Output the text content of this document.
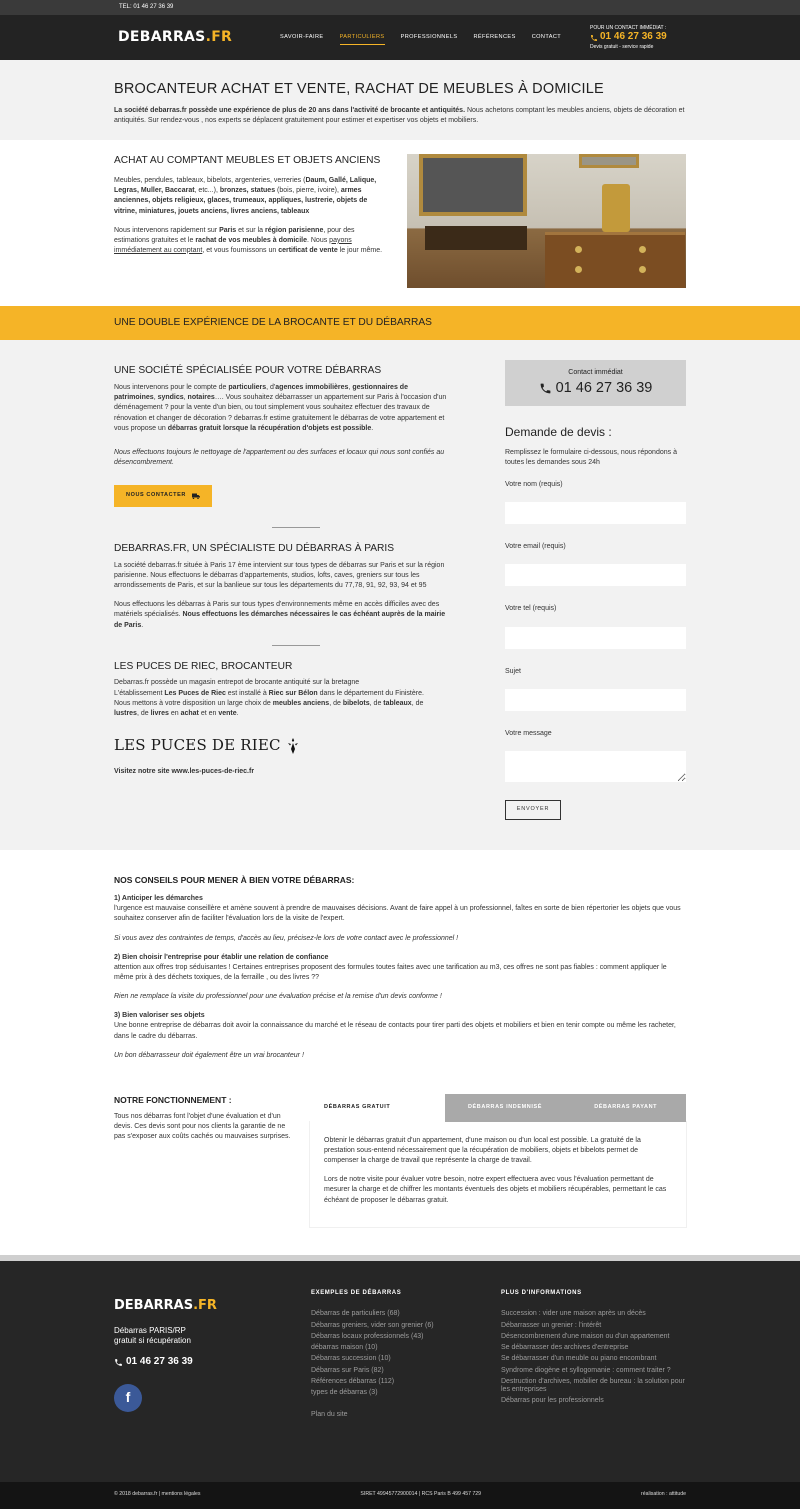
TEL: 01 46 27 36 39
DEBARRAS.FR	SAVOIR-FAIRE	PARTICULIERS	PROFESSIONNELS	RÉFÉRENCES	CONTACT
POUR UN CONTACT IMMÉDIAT :
01 46 27 36 39
Devis gratuit - service rapide
BROCANTEUR ACHAT ET VENTE, RACHAT DE MEUBLES À DOMICILE

La société debarras.fr possède une expérience de plus de 20 ans dans l'activité de brocante et antiquités. Nous achetons comptant les meubles anciens, objets de décoration et antiquités. Sur rendez-vous , nos experts se déplacent gratuitement pour estimer et expertiser vos objets et mobiliers.

ACHAT AU COMPTANT MEUBLES ET OBJETS ANCIENS

Meubles, pendules, tableaux, bibelots, argenteries, verreries (Daum, Gallé, Lalique, Legras, Muller, Baccarat, etc...), bronzes, statues (bois, pierre, ivoire), armes anciennes, objets religieux, glaces, trumeaux, appliques, lustrerie, objets de vitrine, miniatures, jouets anciens, livres anciens, tableaux

Nous intervenons rapidement sur Paris et sur la région parisienne, pour des estimations gratuites et le rachat de vos meubles à domicile. Nous payons immédiatement au comptant, et vous fournissons un certificat de vente le jour même.

UNE DOUBLE EXPÉRIENCE DE LA BROCANTE ET DU DÉBARRAS
UNE SOCIÉTÉ SPÉCIALISÉE POUR VOTRE DÉBARRAS

Nous intervenons pour le compte de particuliers, d'agences immobilières, gestionnaires de patrimoines, syndics, notaires…. Vous souhaitez débarrasser un appartement sur Paris à l'occasion d'un déménagement ? pour la vente d'un bien, ou tout simplement vous souhaitez effectuer des travaux de rénovation et changer de décoration ? debarras.fr estime gratuitement le débarras de votre appartement et vous propose un débarras gratuit lorsque la récupération d'objets est possible.

Nous effectuons toujours le nettoyage de l'appartement ou des surfaces et locaux qui nous sont confiés au désencombrement.

NOUS CONTACTER
DEBARRAS.FR, UN SPÉCIALISTE DU DÉBARRAS À PARIS

La société debarras.fr située à Paris 17 ème intervient sur tous types de débarras sur Paris et sur la région parisienne. Nous effectuons le débarras d'appartements, studios, lofts, caves, greniers sur tous les arrondissements de Paris, et sur la banlieue sur tous les départements du 77,78, 91, 92, 93, 94 et 95

Nous effectuons les débarras à Paris sur tous types d'environnements même en accès difficiles avec des matériels spécialisés. Nous effectuons les démarches nécessaires le cas échéant auprès de la mairie de Paris.

LES PUCES DE RIEC, BROCANTEUR

Debarras.fr possède un magasin entrepot de brocante antiquité sur la bretagne
L'établissement Les Puces de Riec est installé à Riec sur Bélon dans le département du Finistère.
Nous mettons à votre disposition un large choix de meubles anciens, de bibelots, de tableaux, de lustres, de livres en achat et en vente.

LES PUCES DE RIEC

Visitez notre site www.les-puces-de-riec.fr

Contact immédiat
01 46 27 36 39
Demande de devis :
Remplissez le formulaire ci-dessous, nous répondons à toutes les demandes sous 24h
Votre nom (requis)
Votre email (requis)
Votre tel (requis)
Sujet
Votre message
ENVOYER
NOS CONSEILS POUR MENER À BIEN VOTRE DÉBARRAS:

1) Anticiper les démarches
l'urgence est mauvaise conseillère et amène souvent à prendre de mauvaises décisions. Avant de faire appel à un professionnel, faîtes en sorte de bien répertorier les objets que vous souhaitez conserver afin de faciliter l'évaluation lors de la visite de l'expert.

Si vous avez des contraintes de temps, d'accès au lieu, précisez-le lors de votre contact avec le professionnel !

2) Bien choisir l'entreprise pour établir une relation de confiance
attention aux offres trop séduisantes ! Certaines entreprises proposent des formules toutes faites avec une tarification au m3, ces offres ne sont pas fiables : comment appliquer le même prix à des déchets toxiques, de la ferraille , ou des livres ??

Rien ne remplace la visite du professionnel pour une évaluation précise et la remise d'un devis conforme !

3) Bien valoriser ses objets
Une bonne entreprise de débarras doit avoir la connaissance du marché et le réseau de contacts pour tirer parti des objets et mobiliers et bien en tenir compte ou même les racheter, dans le cadre du débarras.

Un bon débarrasseur doit également être un vrai brocanteur !

NOTRE FONCTIONNEMENT :

Tous nos débarras font l'objet d'une évaluation et d'un devis. Ces devis sont pour nos clients la garantie de ne pas s'exposer aux coûts cachés ou mauvaises surprises.

DÉBARRAS GRATUIT	DÉBARRAS INDEMNISÉ	DÉBARRAS PAYANT

Obtenir le débarras gratuit d'un appartement, d'une maison ou d'un local est possible. La gratuité de la prestation sous-entend nécessairement que la récupération de mobiliers, objets et bibelots permet de compenser la charge de travail que représente la charge de travail.

Lors de notre visite pour évaluer votre besoin, notre expert effectuera avec vous l'évaluation permettant de mesurer la charge et de chiffrer les montants éventuels des objets et mobiliers récupérables, permettant le cas échéant de proposer le débarras gratuit.

DEBARRAS.FR
Débarras PARIS/RP
gratuit si récupération
01 46 27 36 39
f
EXEMPLES DE DÉBARRAS
Débarras de particuliers (68)
Débarras greniers, vider son grenier (6)
Débarras locaux professionnels (43)
débarras maison (10)
Débarras succession (10)
Débarras sur Paris (82)
Références débarras (112)
types de débarras (3)
Plan du site
PLUS D'INFORMATIONS
Succession : vider une maison après un décès
Débarrasser un grenier : l'intérêt
Désencombrement d'une maison ou d'un appartement
Se débarrasser des archives d'entreprise
Se débarrasser d'un meuble ou piano encombrant
Syndrome diogène et syllogomanie : comment traiter ?
Destruction d'archives, mobilier de bureau : la solution pour les entreprises
Débarras pour les professionnels
© 2018 debarras.fr | mentions légales	SIRET 49945772900014 | RCS Paris B 499 457 729	réalisation : attitude
